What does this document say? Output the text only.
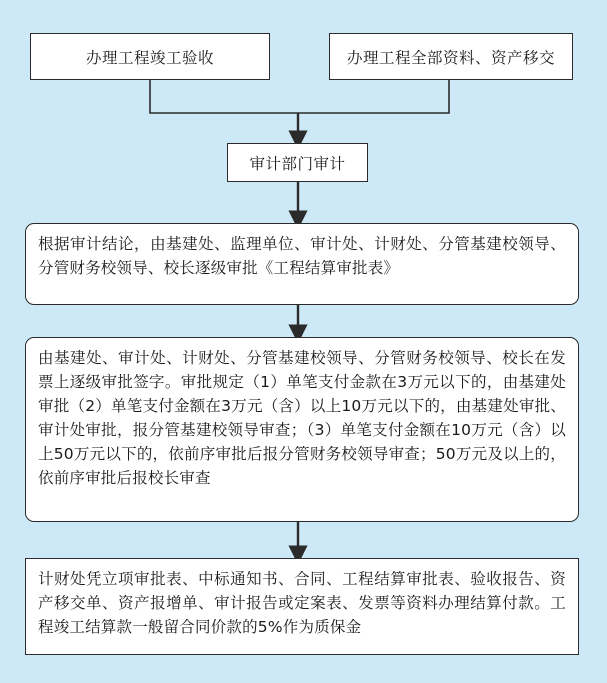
办理工程竣工验收	办理工程全部资料、资产移交
审计部门审计
根据审计结论，由基建处、监理单位、审计处、计财处、分管基建校领导、分管财务校领导、校长逐级审批《工程结算审批表》
由基建处、审计处、计财处、分管基建校领导、分管财务校领导、校长在发票上逐级审批签字。审批规定（1）单笔支付金款在3万元以下的，由基建处审批（2）单笔支付金额在3万元（含）以上10万元以下的，由基建处审批、审计处审批，报分管基建校领导审查；（3）单笔支付金额在10万元（含）以上50万元以下的，依前序审批后报分管财务校领导审查；50万元及以上的，依前序审批后报校长审查
计财处凭立项审批表、中标通知书、合同、工程结算审批表、验收报告、资产移交单、资产报增单、审计报告或定案表、发票等资料办理结算付款。工程竣工结算款一般留合同价款的5%作为质保金
